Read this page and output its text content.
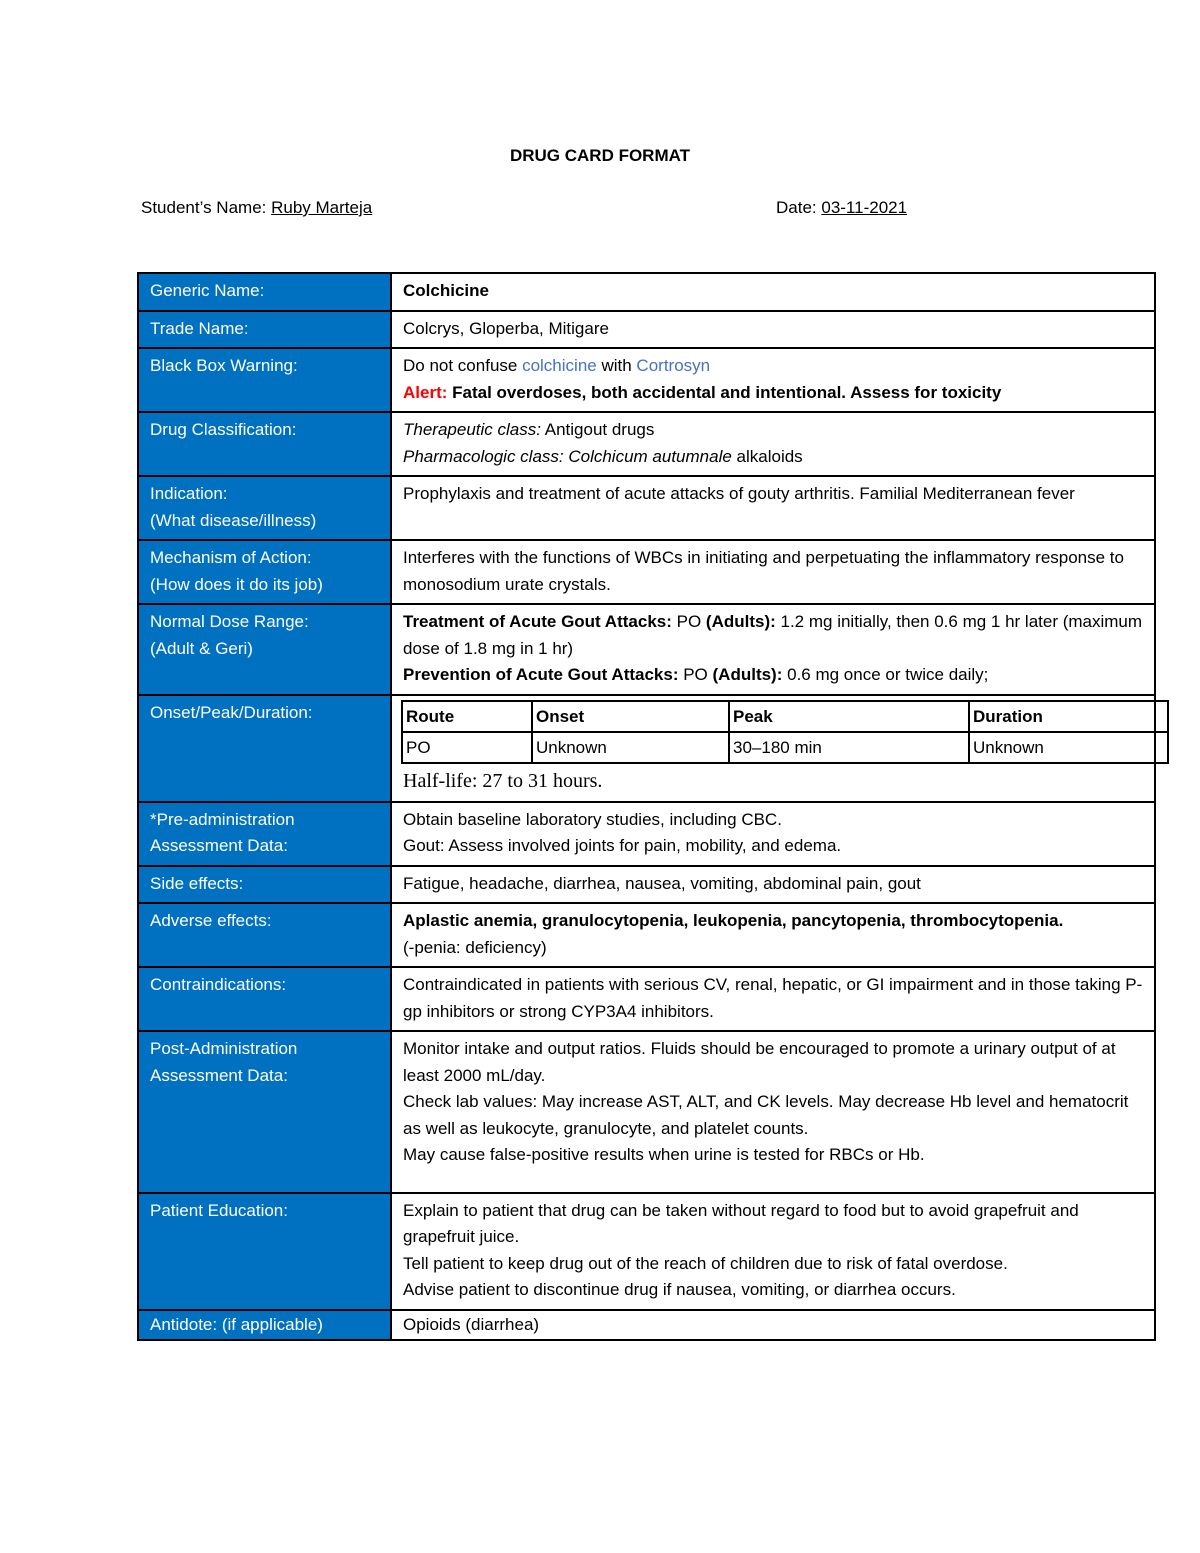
DRUG CARD FORMAT
Student’s Name: Ruby Marteja	Date: 03-11-2021
Generic Name:	Colchicine
Trade Name:	Colcrys, Gloperba, Mitigare
Black Box Warning:	Do not confuse colchicine with Cortrosyn
Alert: Fatal overdoses, both accidental and intentional. Assess for toxicity

Drug Classification:	Therapeutic class: Antigout drugs
Pharmacologic class: Colchicum autumnale alkaloids

Indication:
(What disease/illness)
	Prophylaxis and treatment of acute attacks of gouty arthritis. Familial Mediterranean fever

Mechanism of Action:
(How does it do its job)
	Interferes with the functions of WBCs in initiating and perpetuating the inflammatory response to monosodium urate crystals.

Normal Dose Range:
(Adult & Geri)

Treatment of Acute Gout Attacks: PO (Adults): 1.2 mg initially, then 0.6 mg 1 hr later (maximum dose of 1.8 mg in 1 hr)
Prevention of Acute Gout Attacks: PO (Adults): 0.6 mg once or twice daily;

Onset/Peak/Duration:		Route	Onset	Peak	Duration
PO	Unknown	30–180 min	Unknown
Half-life: 27 to 31 hours.

*Pre-administration
Assessment Data:

Obtain baseline laboratory studies, including CBC.
Gout: Assess involved joints for pain, mobility, and edema.

Side effects:	Fatigue, headache, diarrhea, nausea, vomiting, abdominal pain, gout
Adverse effects:	Aplastic anemia, granulocytopenia, leukopenia, pancytopenia, thrombocytopenia.
(-penia: deficiency)

Contraindications:	Contraindicated in patients with serious CV, renal, hepatic, or GI impairment and in those taking P-gp inhibitors or strong CYP3A4 inhibitors.

Post-Administration
Assessment Data:

Monitor intake and output ratios. Fluids should be encouraged to promote a urinary output of at least 2000 mL/day.
Check lab values: May increase AST, ALT, and CK levels. May decrease Hb level and hematocrit as well as leukocyte, granulocyte, and platelet counts.
May cause false-positive results when urine is tested for RBCs or Hb.

Patient Education:	Explain to patient that drug can be taken without regard to food but to avoid grapefruit and grapefruit juice.
Tell patient to keep drug out of the reach of children due to risk of fatal overdose.
Advise patient to discontinue drug if nausea, vomiting, or diarrhea occurs.

Antidote: (if applicable)	Opioids (diarrhea)
